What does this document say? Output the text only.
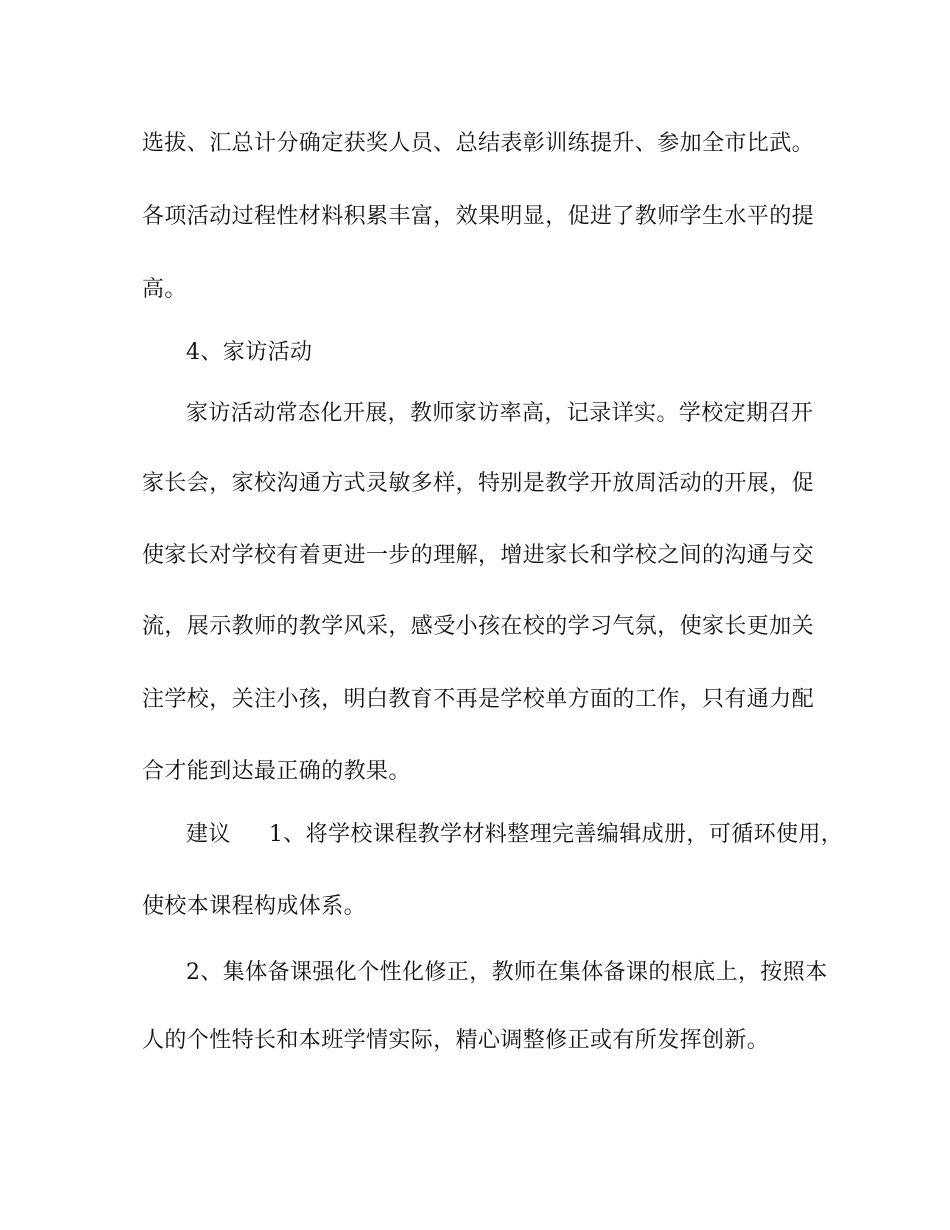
选拔、汇总计分确定获奖人员、总结表彰训练提升、参加全市比武。
各项活动过程性材料积累丰富，效果明显，促进了教师学生水平的提
高。
4、家访活动
家访活动常态化开展，教师家访率高，记录详实。学校定期召开
家长会，家校沟通方式灵敏多样，特别是教学开放周活动的开展，促
使家长对学校有着更进一步的理解，增进家长和学校之间的沟通与交
流，展示教师的教学风采，感受小孩在校的学习气氛，使家长更加关
注学校，关注小孩，明白教育不再是学校单方面的工作，只有通力配
合才能到达最正确的教果。
建议 1、将学校课程教学材料整理完善编辑成册，可循环使用，
使校本课程构成体系。
2、集体备课强化个性化修正，教师在集体备课的根底上，按照本
人的个性特长和本班学情实际，精心调整修正或有所发挥创新。
